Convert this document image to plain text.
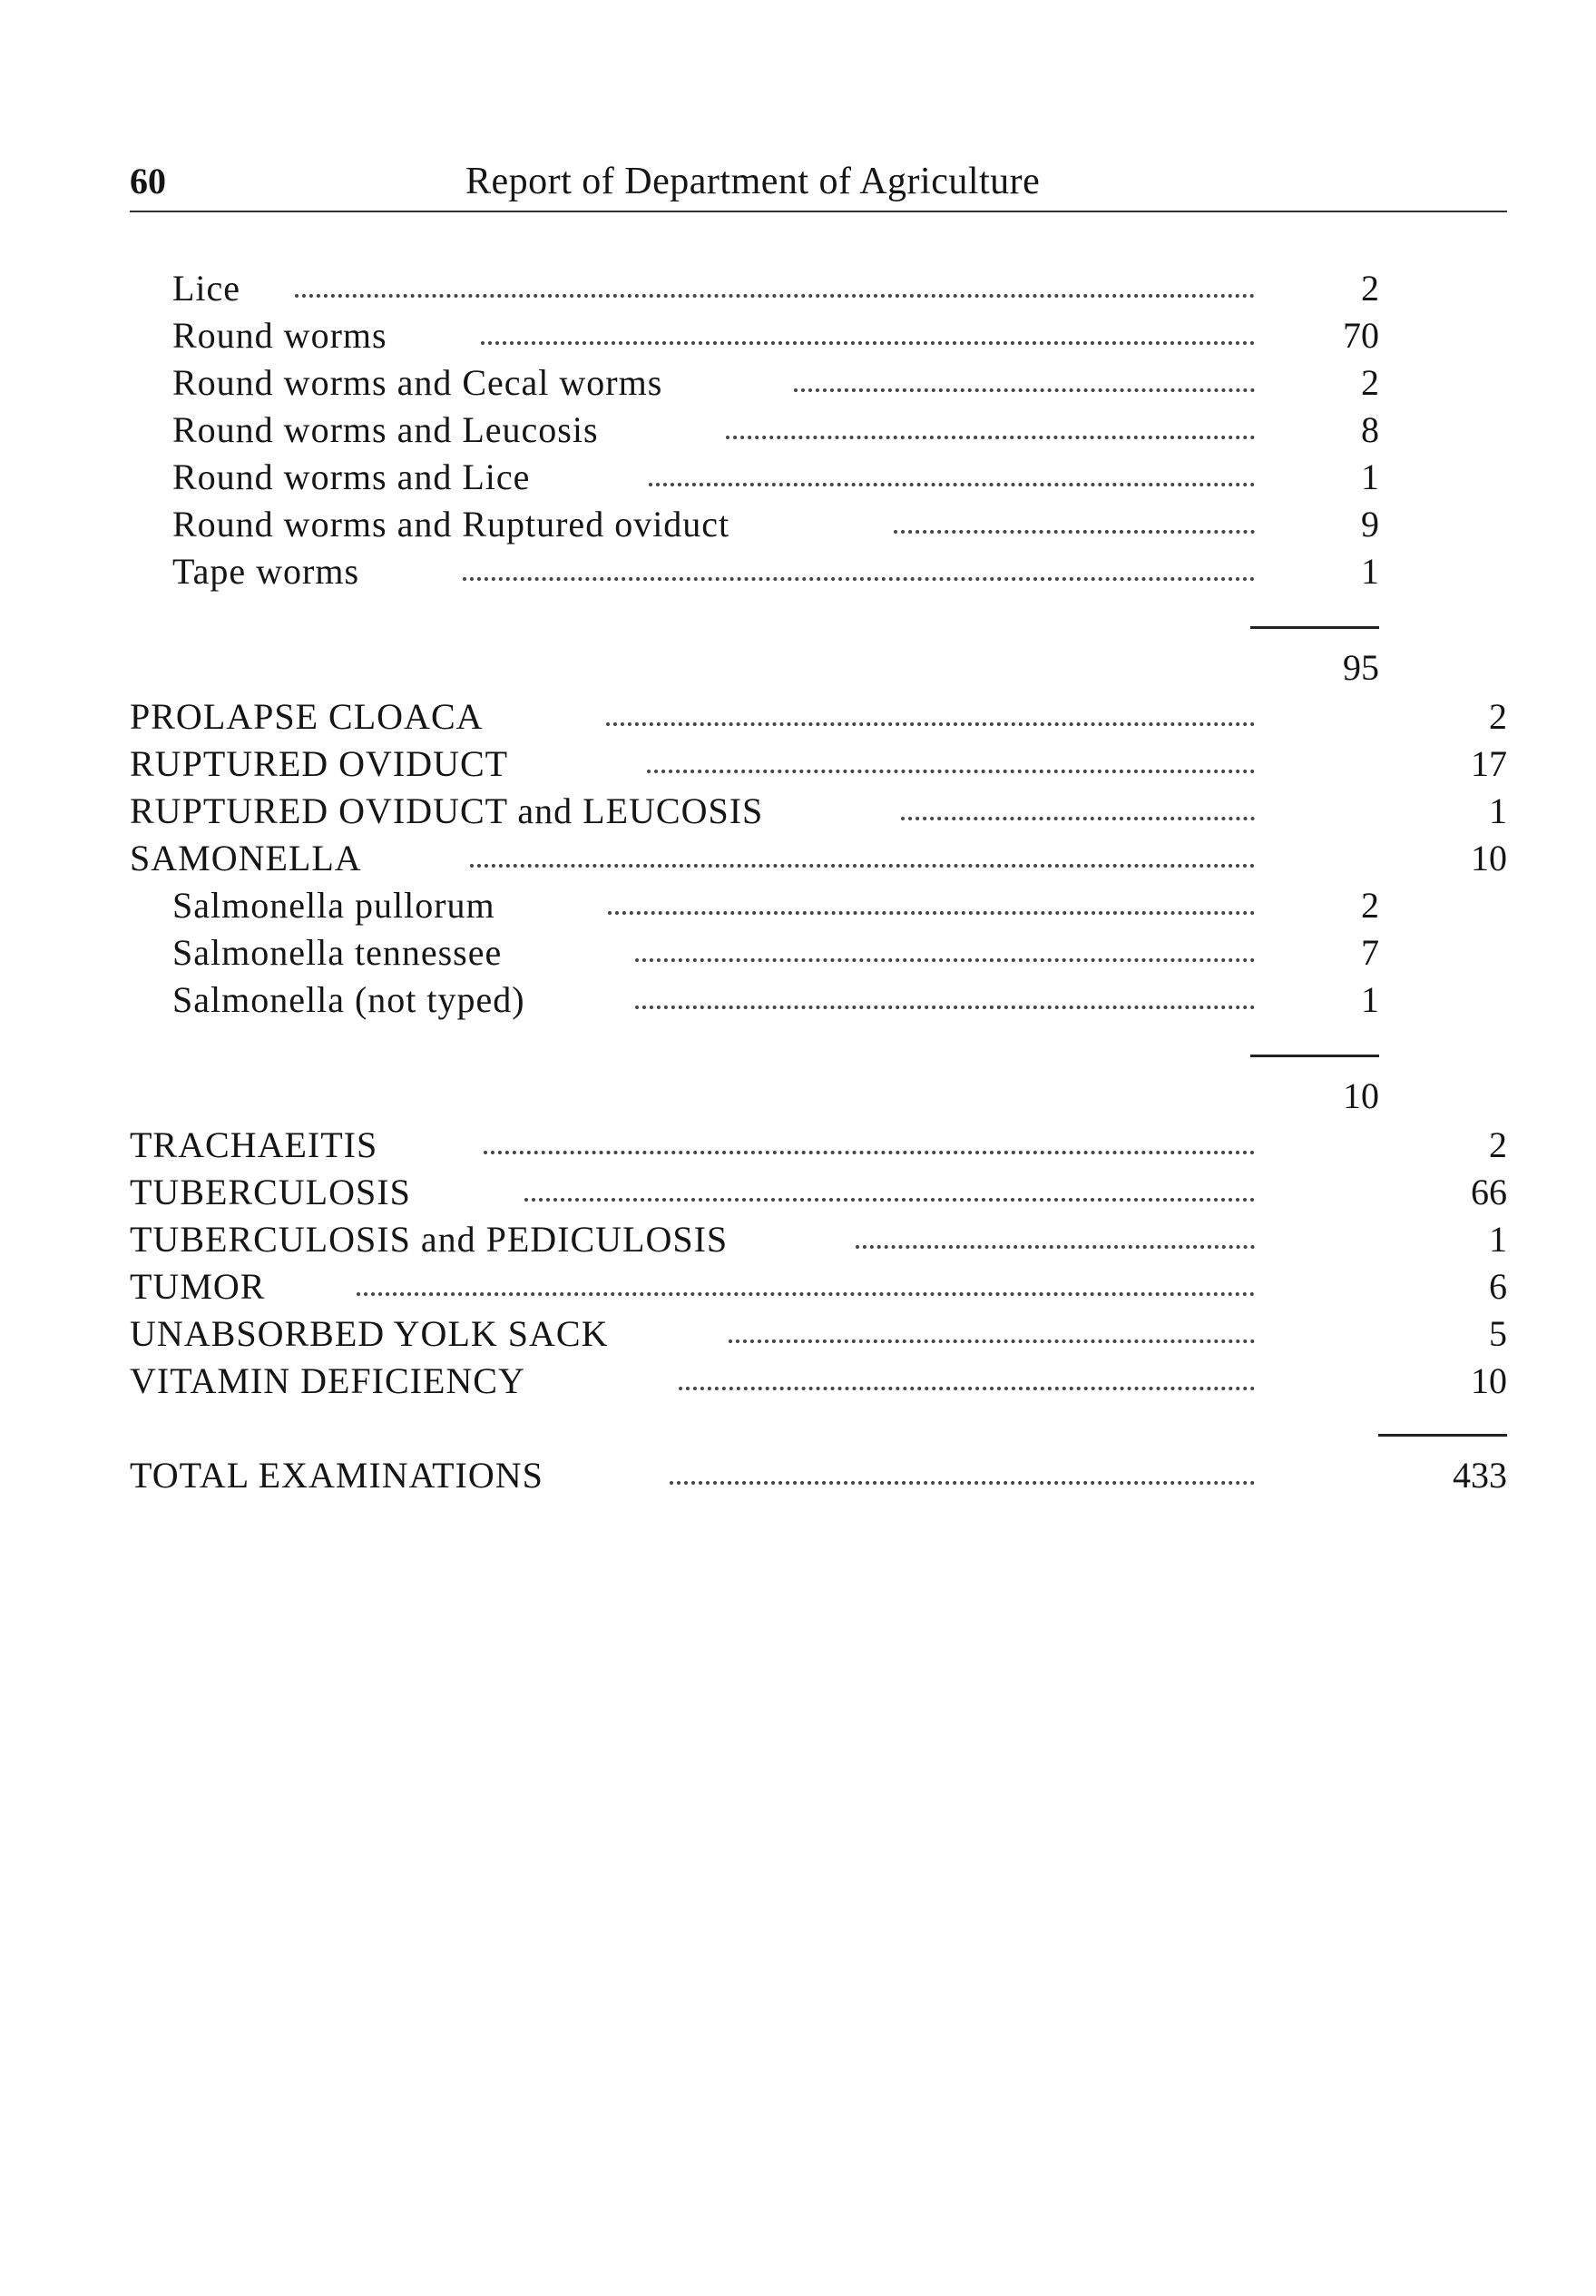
60	Report of Department of Agriculture
Lice	2
Round worms	70
Round worms and Cecal worms	2
Round worms and Leucosis	8
Round worms and Lice	1
Round worms and Ruptured oviduct	9
Tape worms	1
95
PROLAPSE CLOACA	2
RUPTURED OVIDUCT	17
RUPTURED OVIDUCT and LEUCOSIS	1
SAMONELLA	10
Salmonella pullorum	2
Salmonella tennessee	7
Salmonella (not typed)	1
10
TRACHAEITIS	2
TUBERCULOSIS	66
TUBERCULOSIS and PEDICULOSIS	1
TUMOR	6
UNABSORBED YOLK SACK	5
VITAMIN DEFICIENCY	10
TOTAL EXAMINATIONS	433
